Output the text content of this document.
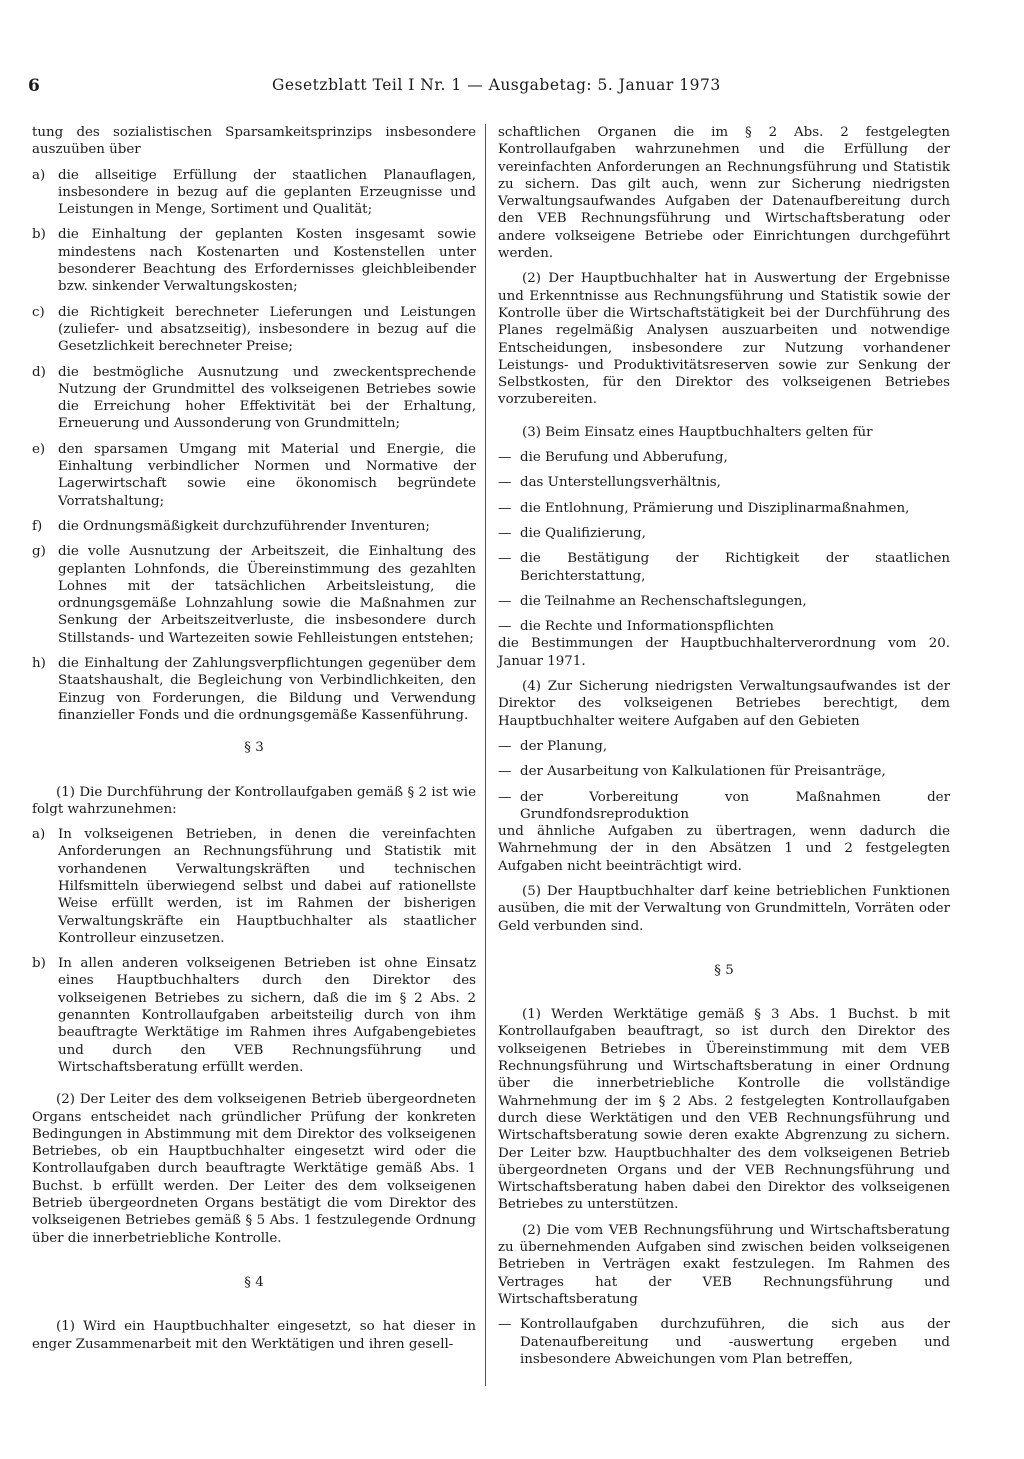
6	Gesetzblatt Teil I Nr. 1 — Ausgabetag: 5. Januar 1973

tung des sozialistischen Sparsamkeitsprinzips insbesondere auszuüben über

a) die allseitige Erfüllung der staatlichen Planauflagen, insbesondere in bezug auf die geplanten Erzeugnisse und Leistungen in Menge, Sortiment und Qualität;
b) die Einhaltung der geplanten Kosten insgesamt sowie mindestens nach Kostenarten und Kostenstellen unter besonderer Beachtung des Erfordernisses gleichbleibender bzw. sinkender Verwaltungskosten;
c) die Richtigkeit berechneter Lieferungen und Leistungen (zuliefer- und absatzseitig), insbesondere in bezug auf die Gesetzlichkeit berechneter Preise;
d) die bestmögliche Ausnutzung und zweckentsprechende Nutzung der Grundmittel des volkseigenen Betriebes sowie die Erreichung hoher Effektivität bei der Erhaltung, Erneuerung und Aussonderung von Grundmitteln;
e) den sparsamen Umgang mit Material und Energie, die Einhaltung verbindlicher Normen und Normative der Lagerwirtschaft sowie eine ökonomisch begründete Vorratshaltung;
f) die Ordnungsmäßigkeit durchzuführender Inventuren;
g) die volle Ausnutzung der Arbeitszeit, die Einhaltung des geplanten Lohnfonds, die Übereinstimmung des gezahlten Lohnes mit der tatsächlichen Arbeitsleistung, die ordnungsgemäße Lohnzahlung sowie die Maßnahmen zur Senkung der Arbeitszeitverluste, die insbesondere durch Stillstands- und Wartezeiten sowie Fehlleistungen entstehen;
h) die Einhaltung der Zahlungsverpflichtungen gegenüber dem Staatshaushalt, die Begleichung von Verbindlichkeiten, den Einzug von Forderungen, die Bildung und Verwendung finanzieller Fonds und die ordnungsgemäße Kassenführung.

§ 3

(1) Die Durchführung der Kontrollaufgaben gemäß § 2 ist wie folgt wahrzunehmen:

a) In volkseigenen Betrieben, in denen die vereinfachten Anforderungen an Rechnungsführung und Statistik mit vorhandenen Verwaltungskräften und technischen Hilfsmitteln überwiegend selbst und dabei auf rationellste Weise erfüllt werden, ist im Rahmen der bisherigen Verwaltungskräfte ein Hauptbuchhalter als staatlicher Kontrolleur einzusetzen.
b) In allen anderen volkseigenen Betrieben ist ohne Einsatz eines Hauptbuchhalters durch den Direktor des volkseigenen Betriebes zu sichern, daß die im § 2 Abs. 2 genannten Kontrollaufgaben arbeitsteilig durch von ihm beauftragte Werktätige im Rahmen ihres Aufgabengebietes und durch den VEB Rechnungsführung und Wirtschaftsberatung erfüllt werden.

(2) Der Leiter des dem volkseigenen Betrieb übergeordneten Organs entscheidet nach gründlicher Prüfung der konkreten Bedingungen in Abstimmung mit dem Direktor des volkseigenen Betriebes, ob ein Hauptbuchhalter eingesetzt wird oder die Kontrollaufgaben durch beauftragte Werktätige gemäß Abs. 1 Buchst. b erfüllt werden. Der Leiter des dem volkseigenen Betrieb übergeordneten Organs bestätigt die vom Direktor des volkseigenen Betriebes gemäß § 5 Abs. 1 festzulegende Ordnung über die innerbetriebliche Kontrolle.

§ 4

(1) Wird ein Hauptbuchhalter eingesetzt, so hat dieser in enger Zusammenarbeit mit den Werktätigen und ihren gesell-

schaftlichen Organen die im § 2 Abs. 2 festgelegten Kontrollaufgaben wahrzunehmen und die Erfüllung der vereinfachten Anforderungen an Rechnungsführung und Statistik zu sichern. Das gilt auch, wenn zur Sicherung niedrigsten Verwaltungsaufwandes Aufgaben der Datenaufbereitung durch den VEB Rechnungsführung und Wirtschaftsberatung oder andere volkseigene Betriebe oder Einrichtungen durchgeführt werden.

(2) Der Hauptbuchhalter hat in Auswertung der Ergebnisse und Erkenntnisse aus Rechnungsführung und Statistik sowie der Kontrolle über die Wirtschaftstätigkeit bei der Durchführung des Planes regelmäßig Analysen auszuarbeiten und notwendige Entscheidungen, insbesondere zur Nutzung vorhandener Leistungs- und Produktivitätsreserven sowie zur Senkung der Selbstkosten, für den Direktor des volkseigenen Betriebes vorzubereiten.

(3) Beim Einsatz eines Hauptbuchhalters gelten für

— die Berufung und Abberufung,
— das Unterstellungsverhältnis,
— die Entlohnung, Prämierung und Disziplinarmaßnahmen,
— die Qualifizierung,
— die Bestätigung der Richtigkeit der staatlichen Berichterstattung,
— die Teilnahme an Rechenschaftslegungen,
— die Rechte und Informationspflichten

die Bestimmungen der Hauptbuchhalterverordnung vom 20. Januar 1971.

(4) Zur Sicherung niedrigsten Verwaltungsaufwandes ist der Direktor des volkseigenen Betriebes berechtigt, dem Hauptbuchhalter weitere Aufgaben auf den Gebieten

— der Planung,
— der Ausarbeitung von Kalkulationen für Preisanträge,
— der Vorbereitung von Maßnahmen der Grundfondsreproduktion

und ähnliche Aufgaben zu übertragen, wenn dadurch die Wahrnehmung der in den Absätzen 1 und 2 festgelegten Aufgaben nicht beeinträchtigt wird.

(5) Der Hauptbuchhalter darf keine betrieblichen Funktionen ausüben, die mit der Verwaltung von Grundmitteln, Vorräten oder Geld verbunden sind.

§ 5

(1) Werden Werktätige gemäß § 3 Abs. 1 Buchst. b mit Kontrollaufgaben beauftragt, so ist durch den Direktor des volkseigenen Betriebes in Übereinstimmung mit dem VEB Rechnungsführung und Wirtschaftsberatung in einer Ordnung über die innerbetriebliche Kontrolle die vollständige Wahrnehmung der im § 2 Abs. 2 festgelegten Kontrollaufgaben durch diese Werktätigen und den VEB Rechnungsführung und Wirtschaftsberatung sowie deren exakte Abgrenzung zu sichern. Der Leiter bzw. Hauptbuchhalter des dem volkseigenen Betrieb übergeordneten Organs und der VEB Rechnungsführung und Wirtschaftsberatung haben dabei den Direktor des volkseigenen Betriebes zu unterstützen.

(2) Die vom VEB Rechnungsführung und Wirtschaftsberatung zu übernehmenden Aufgaben sind zwischen beiden volkseigenen Betrieben in Verträgen exakt festzulegen. Im Rahmen des Vertrages hat der VEB Rechnungsführung und Wirtschaftsberatung

— Kontrollaufgaben durchzuführen, die sich aus der Datenaufbereitung und -auswertung ergeben und insbesondere Abweichungen vom Plan betreffen,
